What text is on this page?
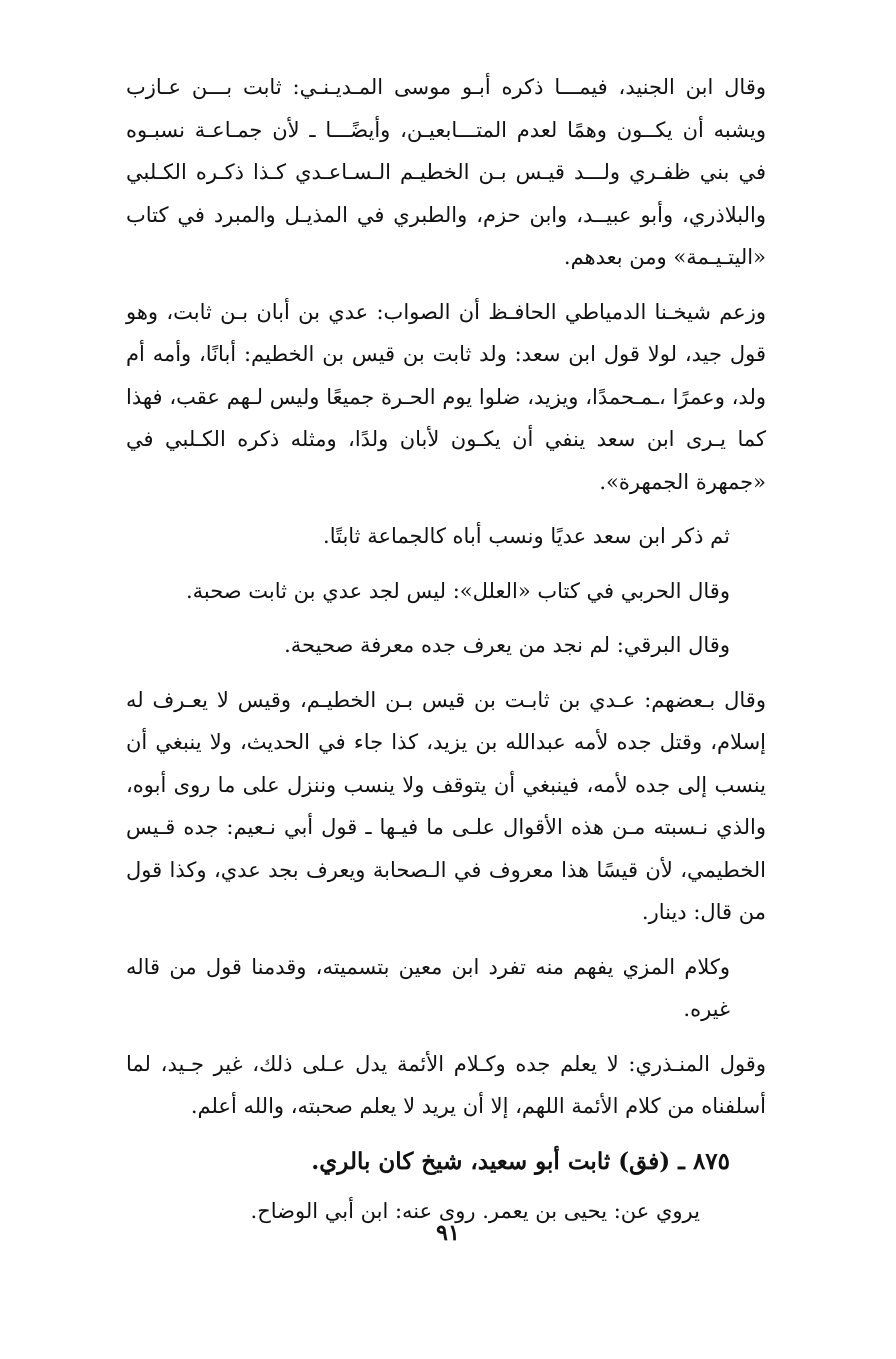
وقال ابن الجنيد، فيمـــا ذكره أبـو موسى المـديـنـي: ثابت بـــن عـازب ويشبه أن يكــون وهمًا لعدم المتـــابعيـن، وأيضًـــا ـ لأن جمـاعـة نسبـوه في بني ظفـري ولـــد قيـس بـن الخطيـم الـسـاعـدي كـذا ذكـره الكـلبي والبلاذري، وأبو عبيــد، وابن حزم، والطبري في المذيـل والمبرد في كتاب «اليتـيـمة» ومن بعدهم.

وزعم شيخـنا الدمياطي الحافـظ أن الصواب: عدي بن أبان بـن ثابت، وهو قول جيد، لولا قول ابن سعد: ولد ثابت بن قيس بن الخطيم: أبانًا، وأمه أم ولد، وعمرًا ،ـمـحمدًا، ويزيد، ضلوا يوم الحـرة جميعًا وليس لـهم عقب، فهذا كما يـرى ابن سعد ينفي أن يكـون لأبان ولدًا، ومثله ذكره الكـلبي في «جمهرة الجمهرة».

ثم ذكر ابن سعد عديًا ونسب أباه كالجماعة ثابتًا.

وقال الحربي في كتاب «العلل»: ليس لجد عدي بن ثابت صحبة.

وقال البرقي: لم نجد من يعرف جده معرفة صحيحة.

وقال بـعضهم: عـدي بن ثابـت بن قيس بـن الخطيـم، وقيس لا يعـرف له إسلام، وقتل جده لأمه عبدالله بن يزيد، كذا جاء في الحديث، ولا ينبغي أن ينسب إلى جده لأمه، فينبغي أن يتوقف ولا ينسب وننزل على ما روى أبوه، والذي نـسبته مـن هذه الأقوال علـى ما فيـها ـ قول أبي نـعيم: جده قـيس الخطيمي، لأن قيسًا هذا معروف في الـصحابة ويعرف بجد عدي، وكذا قول من قال: دينار.

وكلام المزي يفهم منه تفرد ابن معين بتسميته، وقدمنا قول من قاله غيره.

وقول المنـذري: لا يعلم جده وكـلام الأئمة يدل عـلى ذلك، غير جـيد، لما أسلفناه من كلام الأئمة اللهم، إلا أن يريد لا يعلم صحبته، والله أعلم.

٨٧٥ ـ (فق) ثابت أبو سعيد، شيخ كان بالري.

يروي عن: يحيى بن يعمر. روى عنه: ابن أبي الوضاح.

٩١
